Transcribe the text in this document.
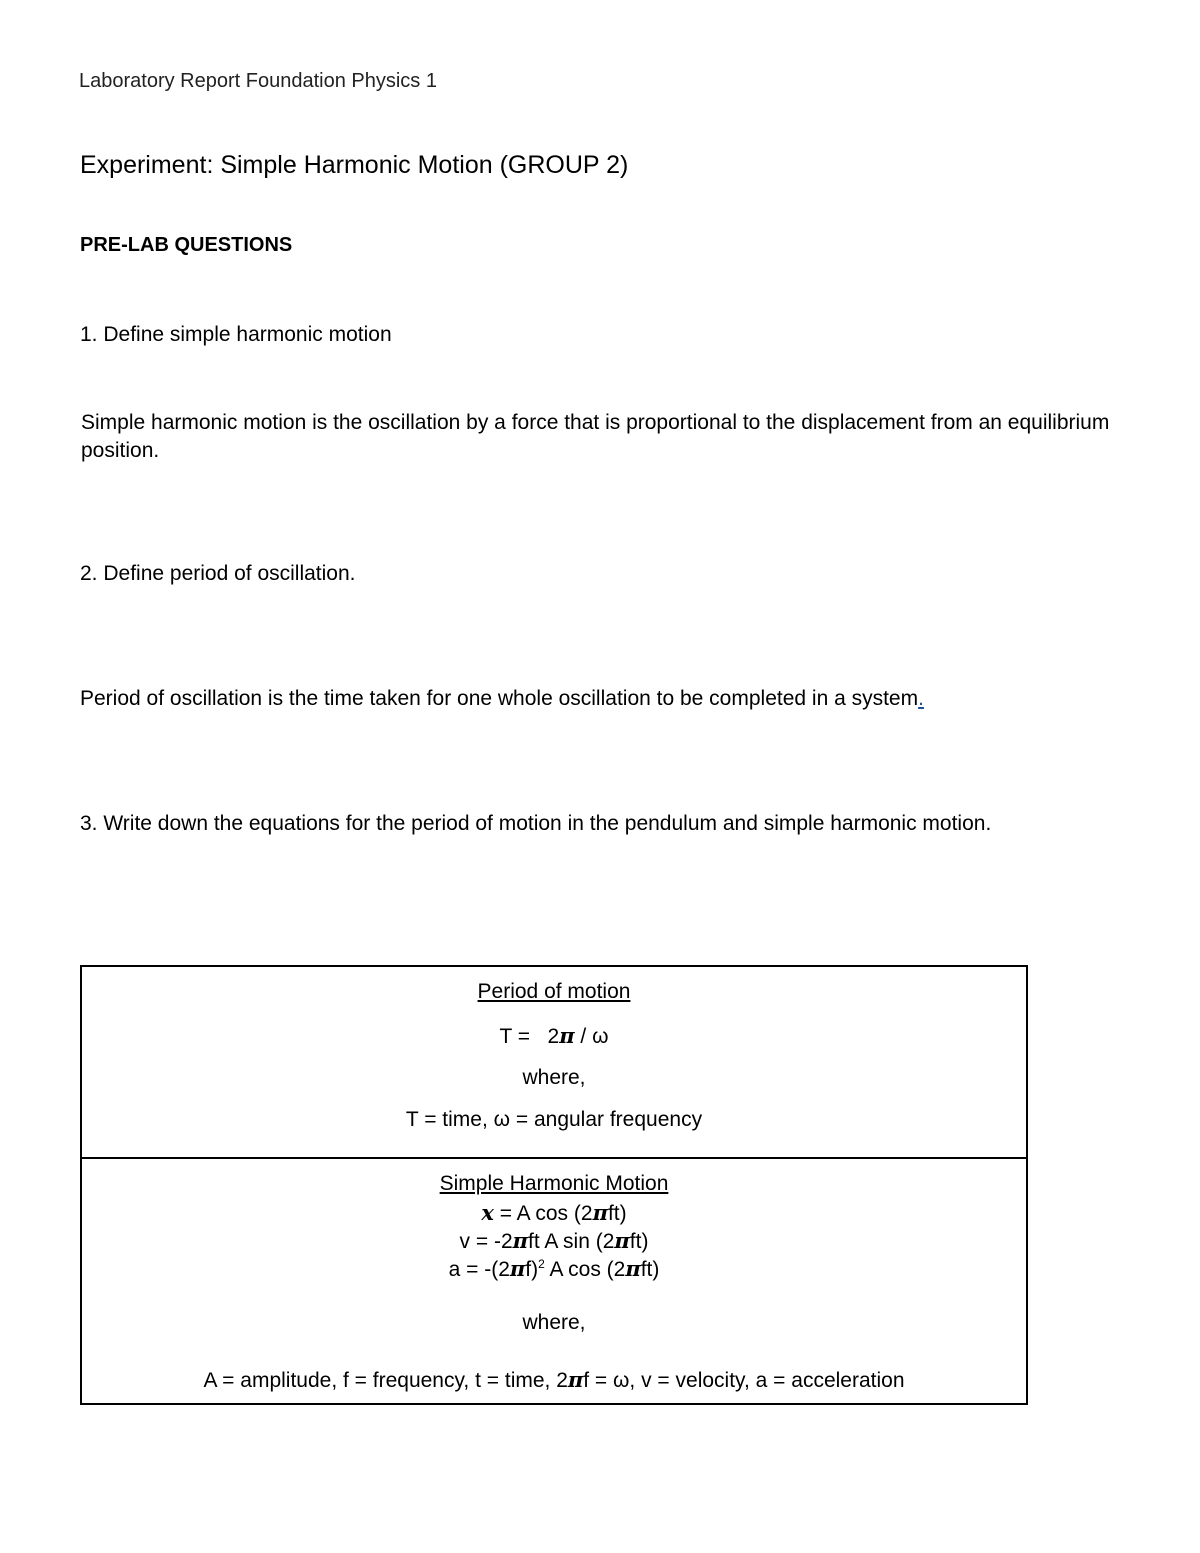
Laboratory Report Foundation Physics 1
Experiment: Simple Harmonic Motion (GROUP 2)
PRE-LAB QUESTIONS
1. Define simple harmonic motion
Simple harmonic motion is the oscillation by a force that is proportional to the displacement from an equilibrium position.
2. Define period of oscillation.
Period of oscillation is the time taken for one whole oscillation to be completed in a system.
3. Write down the equations for the period of motion in the pendulum and simple harmonic motion.
Period of motion
T =   2π / ω
where,
T = time, ω = angular frequency
Simple Harmonic Motion
x = A cos (2πft)
v = -2πft A sin (2πft)
$a = -(2\pi f)^2$ A cos (2πft)
where,
A = amplitude, f = frequency, t = time, 2πf = ω, v = velocity, a = acceleration
